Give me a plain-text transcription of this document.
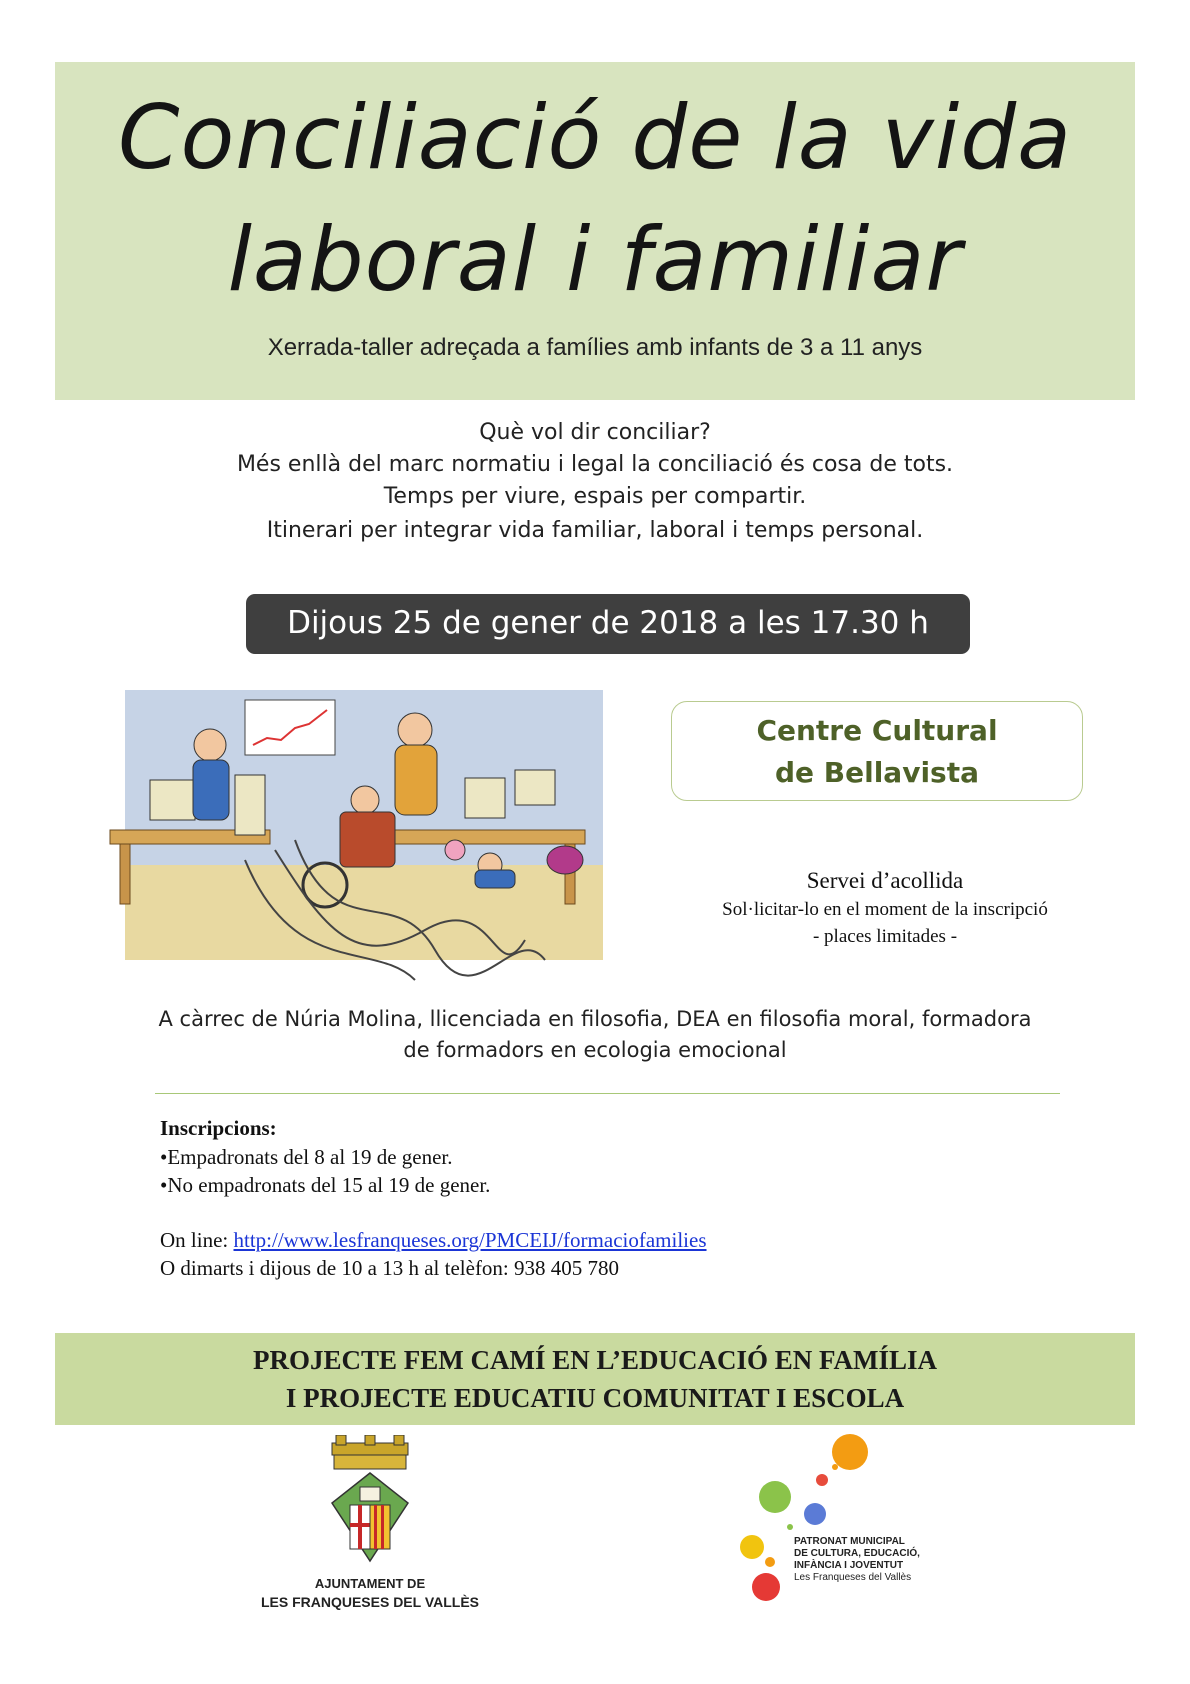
Conciliació de la vida
laboral i familiar
Xerrada-taller adreçada a famílies amb infants de 3 a 11 anys
Què vol dir conciliar?
Més enllà del marc normatiu i legal la conciliació és cosa de tots.
Temps per viure, espais per compartir.
Itinerari per integrar vida familiar, laboral i temps personal.
Dijous 25 de gener de 2018 a les 17.30 h
Centre Cultural
de Bellavista
Servei d’acollida
Sol·licitar-lo en el moment de la inscripció
- places limitades -
A càrrec de Núria Molina, llicenciada en filosofia, DEA en filosofia moral, formadora
de formadors en ecologia emocional
Inscripcions:
•Empadronats del 8 al 19 de gener.
•No empadronats del 15 al 19 de gener.
On line: http://www.lesfranqueses.org/PMCEIJ/formaciofamilies
O dimarts i dijous de 10 a 13 h al telèfon: 938 405 780
PROJECTE FEM CAMÍ EN L’EDUCACIÓ EN FAMÍLIA
I PROJECTE EDUCATIU COMUNITAT I ESCOLA
AJUNTAMENT DE
LES FRANQUESES DEL VALLÈS
PATRONAT MUNICIPAL
DE CULTURA, EDUCACIÓ,
INFÀNCIA I JOVENTUT
Les Franqueses del Vallès
